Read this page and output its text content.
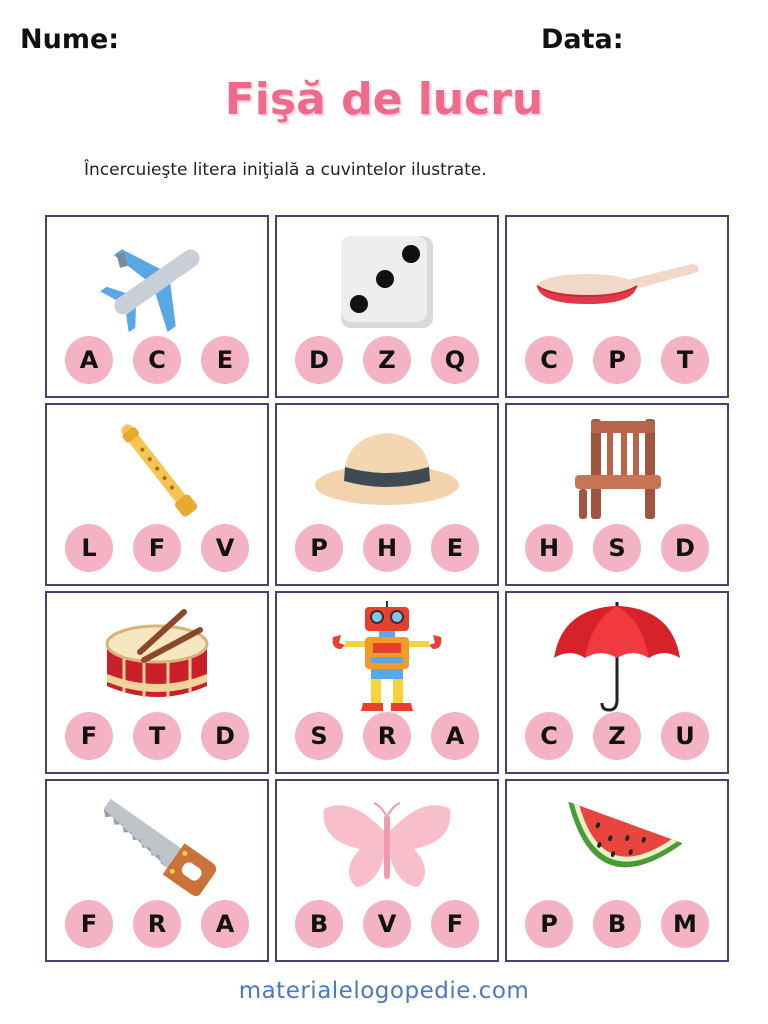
Nume:	Data:
Fişă de lucru
Încercuieşte litera iniţială a cuvintelor ilustrate.
A	C	E	D	Z	Q	C	P	T
L	F	V	P	H	E	H	S	D
F	T	D	S	R	A	C	Z	U
F	R	A	B	V	F	P	B	M
materialelogopedie.com
